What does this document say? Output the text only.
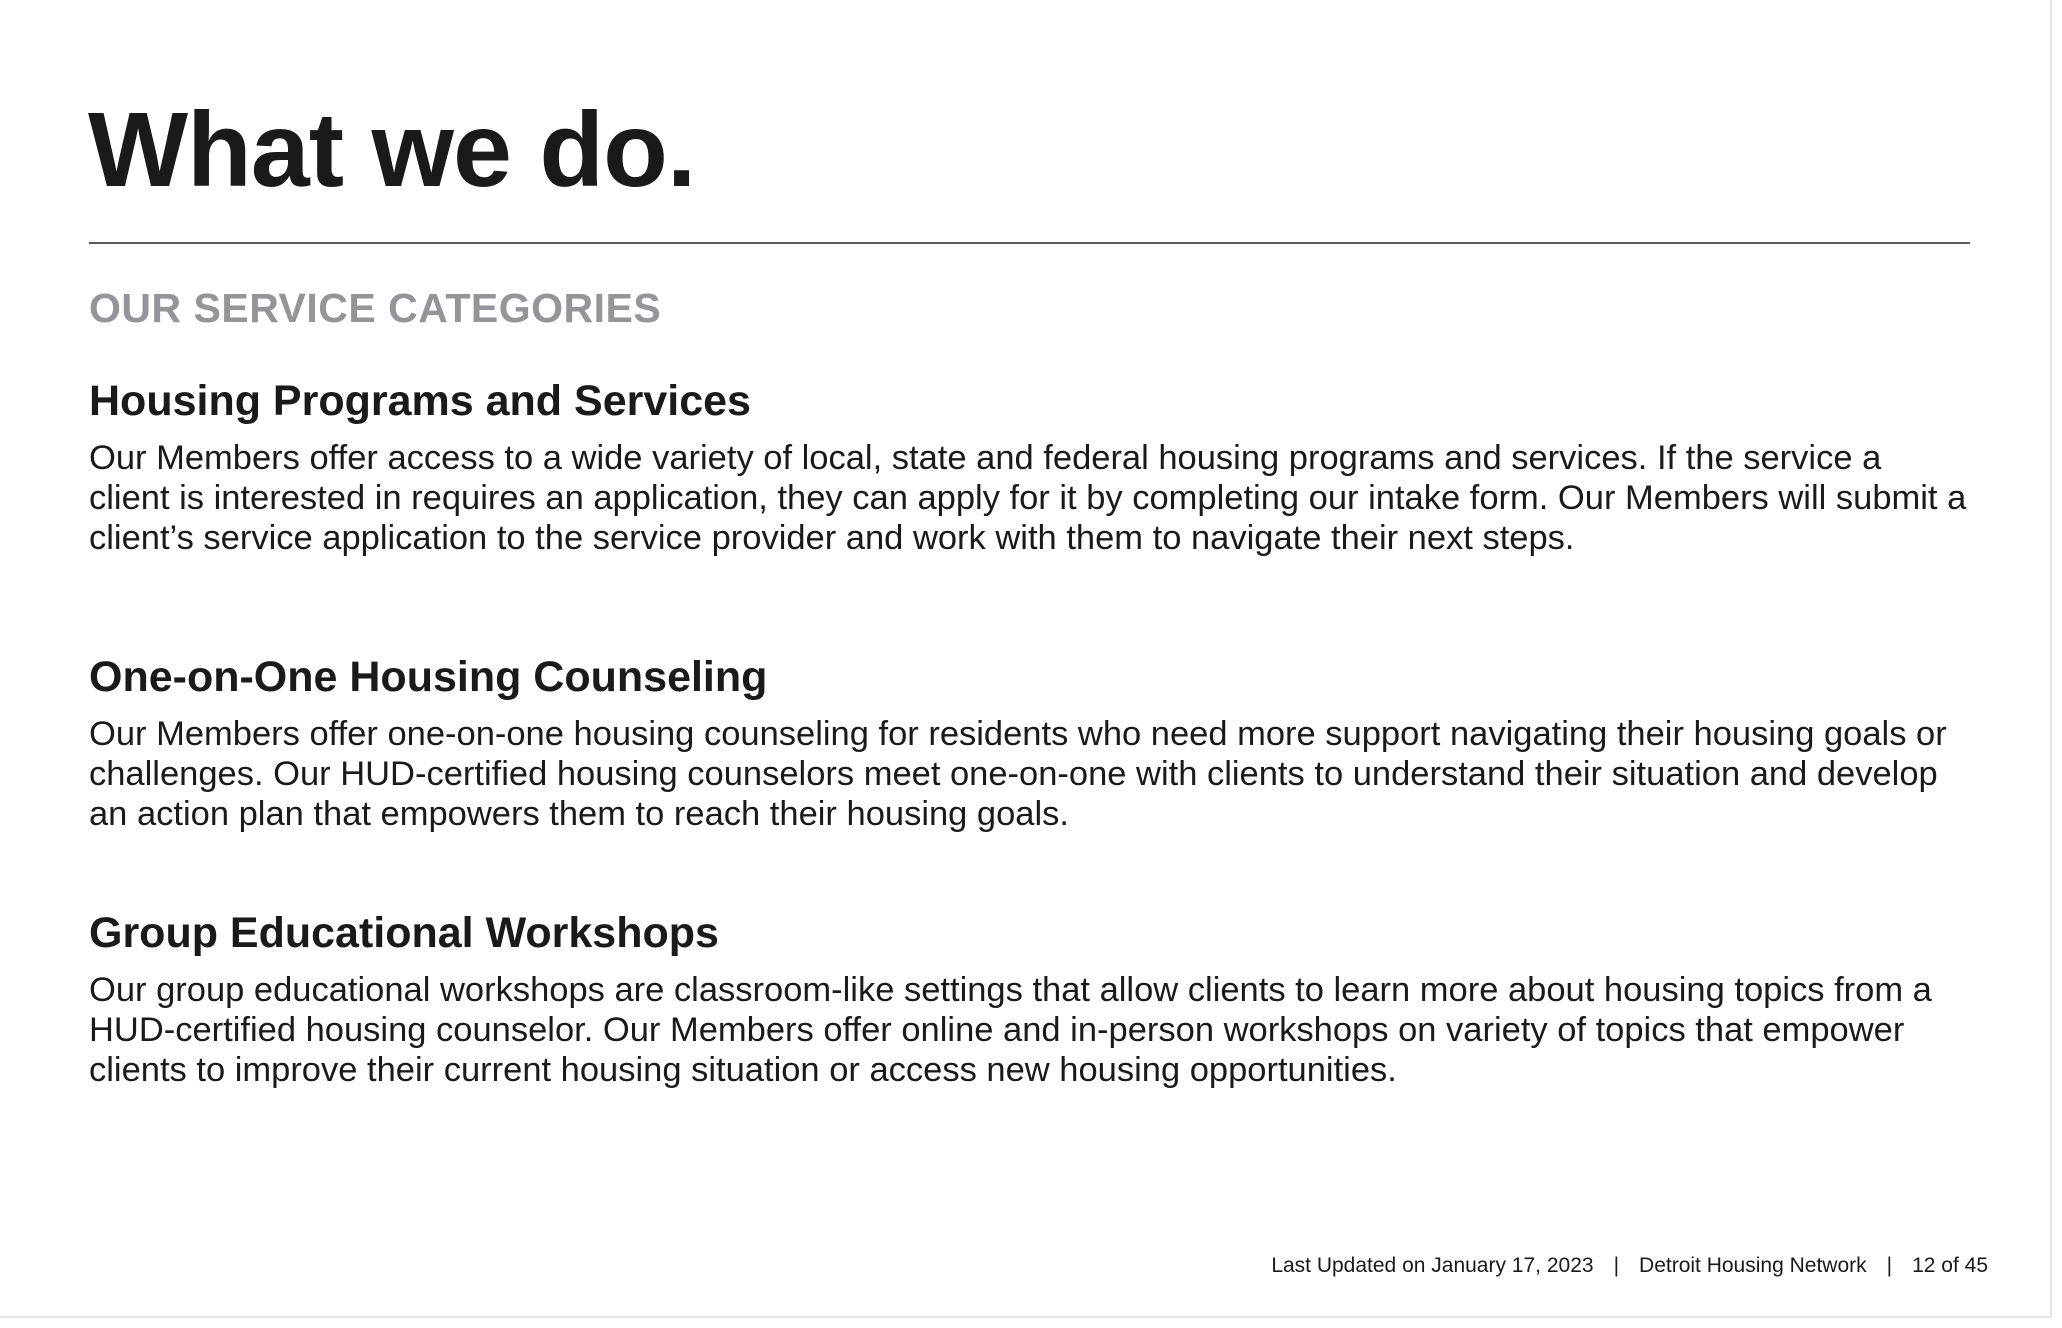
What we do.
OUR SERVICE CATEGORIES
Housing Programs and Services

Our Members offer access to a wide variety of local, state and federal housing programs and services. If the service a client is interested in requires an application, they can apply for it by completing our intake form. Our Members will submit a client’s service application to the service provider and work with them to navigate their next steps.

One-on-One Housing Counseling

Our Members offer one-on-one housing counseling for residents who need more support navigating their housing goals or challenges. Our HUD-certified housing counselors meet one-on-one with clients to understand their situation and develop an action plan that empowers them to reach their housing goals.

Group Educational Workshops

Our group educational workshops are classroom-like settings that allow clients to learn more about housing topics from a HUD-certified housing counselor. Our Members offer online and in-person workshops on variety of topics that empower clients to improve their current housing situation or access new housing opportunities.

Last Updated on January 17, 2023 | Detroit Housing Network | 12 of 45
